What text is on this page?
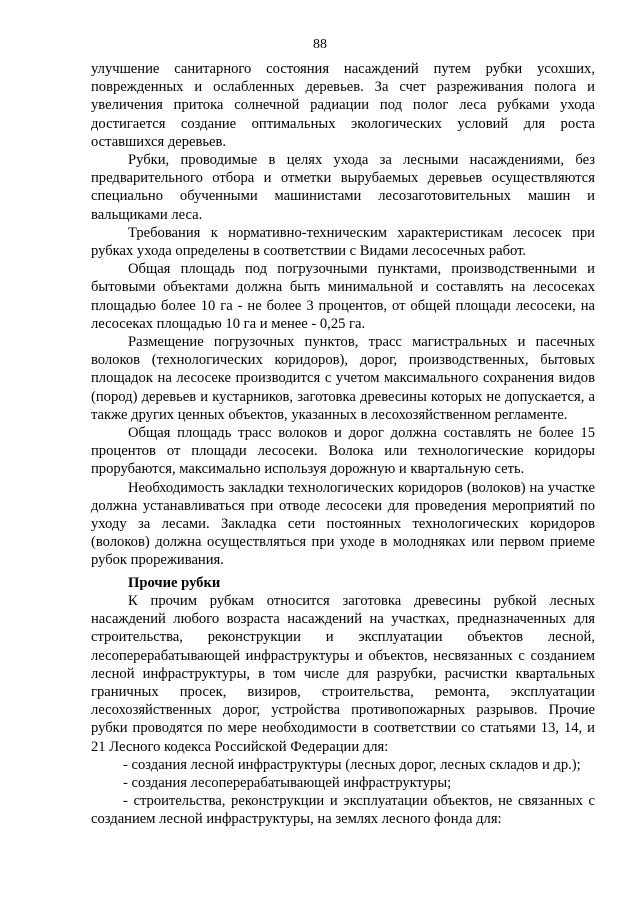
88

улучшение санитарного состояния насаждений путем рубки усохших, поврежденных и ослабленных деревьев. За счет разреживания полога и увеличения притока солнечной радиации под полог леса рубками ухода достигается создание оптимальных экологических условий для роста оставшихся деревьев.

Рубки, проводимые в целях ухода за лесными насаждениями, без предварительного отбора и отметки вырубаемых деревьев осуществляются специально обученными машинистами лесозаготовительных машин и вальщиками леса.

Требования к нормативно-техническим характеристикам лесосек при рубках ухода определены в соответствии с Видами лесосечных работ.

Общая площадь под погрузочными пунктами, производственными и бытовыми объектами должна быть минимальной и составлять на лесосеках площадью более 10 га - не более 3 процентов, от общей площади лесосеки, на лесосеках площадью 10 га и менее - 0,25 га.

Размещение погрузочных пунктов, трасс магистральных и пасечных волоков (технологических коридоров), дорог, производственных, бытовых площадок на лесосеке производится с учетом максимального сохранения видов (пород) деревьев и кустарников, заготовка древесины которых не допускается, а также других ценных объектов, указанных в лесохозяйственном регламенте.

Общая площадь трасс волоков и дорог должна составлять не более 15 процентов от площади лесосеки. Волока или технологические коридоры прорубаются, максимально используя дорожную и квартальную сеть.

Необходимость закладки технологических коридоров (волоков) на участке должна устанавливаться при отводе лесосеки для проведения мероприятий по уходу за лесами. Закладка сети постоянных технологических коридоров (волоков) должна осуществляться при уходе в молодняках или первом приеме рубок прореживания.

Прочие рубки

К прочим рубкам относится заготовка древесины рубкой лесных насаждений любого возраста насаждений на участках, предназначенных для строительства, реконструкции и эксплуатации объектов лесной, лесоперерабатывающей инфраструктуры и объектов, несвязанных с созданием лесной инфраструктуры, в том числе для разрубки, расчистки квартальных граничных просек, визиров, строительства, ремонта, эксплуатации лесохозяйственных дорог, устройства противопожарных разрывов. Прочие рубки проводятся по мере необходимости в соответствии со статьями 13, 14, и 21 Лесного кодекса Российской Федерации для:

- создания лесной инфраструктуры (лесных дорог, лесных складов и др.);

- создания лесоперерабатывающей инфраструктуры;

- строительства, реконструкции и эксплуатации объектов, не связанных с созданием лесной инфраструктуры, на землях лесного фонда для:
